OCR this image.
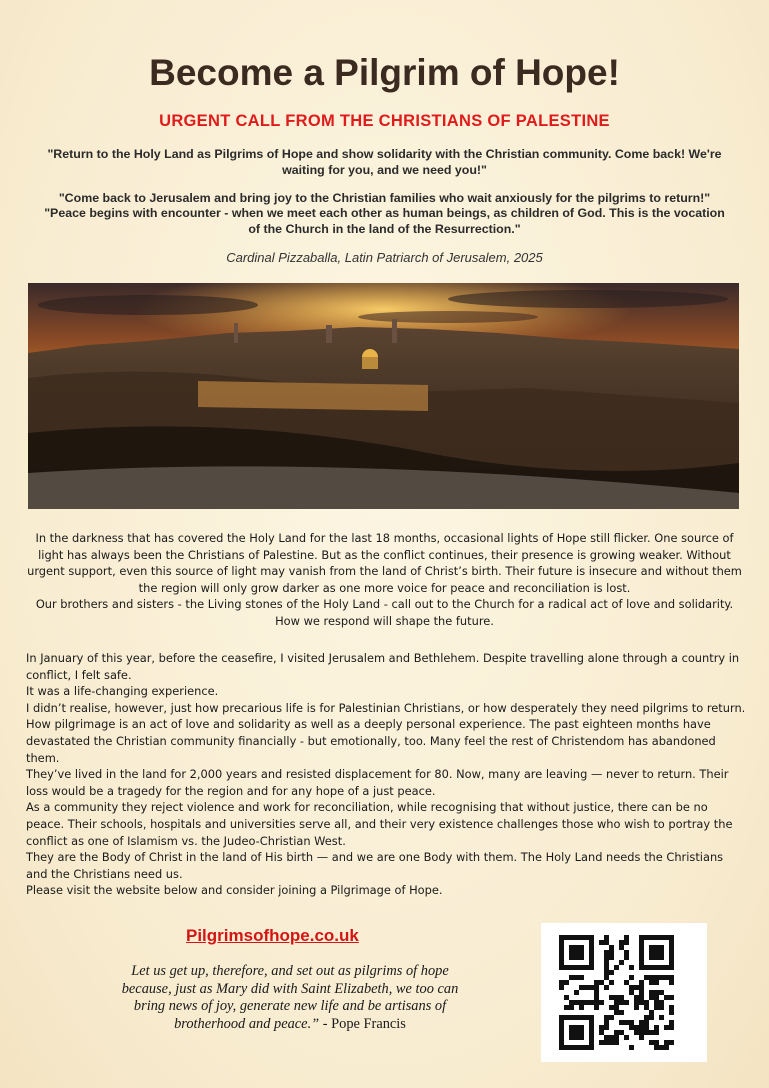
Become a Pilgrim of Hope!
URGENT CALL FROM THE CHRISTIANS OF PALESTINE
"Return to the Holy Land as Pilgrims of Hope and show solidarity with the Christian community. Come back! We're waiting for you, and we need you!"
"Come back to Jerusalem and bring joy to the Christian families who wait anxiously for the pilgrims to return!"
"Peace begins with encounter - when we meet each other as human beings, as children of God. This is the vocation of the Church in the land of the Resurrection."
Cardinal Pizzaballa, Latin Patriarch of Jerusalem, 2025

In the darkness that has covered the Holy Land for the last 18 months, occasional lights of Hope still flicker. One source of light has always been the Christians of Palestine. But as the conflict continues, their presence is growing weaker. Without urgent support, even this source of light may vanish from the land of Christ’s birth. Their future is insecure and without them the region will only grow darker as one more voice for peace and reconciliation is lost.

Our brothers and sisters - the Living stones of the Holy Land - call out to the Church for a radical act of love and solidarity. How we respond will shape the future.

In January of this year, before the ceasefire, I visited Jerusalem and Bethlehem. Despite travelling alone through a country in conflict, I felt safe.

It was a life-changing experience.

I didn’t realise, however, just how precarious life is for Palestinian Christians, or how desperately they need pilgrims to return. How pilgrimage is an act of love and solidarity as well as a deeply personal experience. The past eighteen months have devastated the Christian community financially - but emotionally, too. Many feel the rest of Christendom has abandoned them.

They’ve lived in the land for 2,000 years and resisted displacement for 80. Now, many are leaving — never to return. Their loss would be a tragedy for the region and for any hope of a just peace.

As a community they reject violence and work for reconciliation, while recognising that without justice, there can be no peace. Their schools, hospitals and universities serve all, and their very existence challenges those who wish to portray the conflict as one of Islamism vs. the Judeo-Christian West.

They are the Body of Christ in the land of His birth — and we are one Body with them. The Holy Land needs the Christians and the Christians need us.

Please visit the website below and consider joining a Pilgrimage of Hope.

Pilgrimsofhope.co.uk
Let us get up, therefore, and set out as pilgrims of hope because, just as Mary did with Saint Elizabeth, we too can bring news of joy, generate new life and be artisans of brotherhood and peace.” - Pope Francis
